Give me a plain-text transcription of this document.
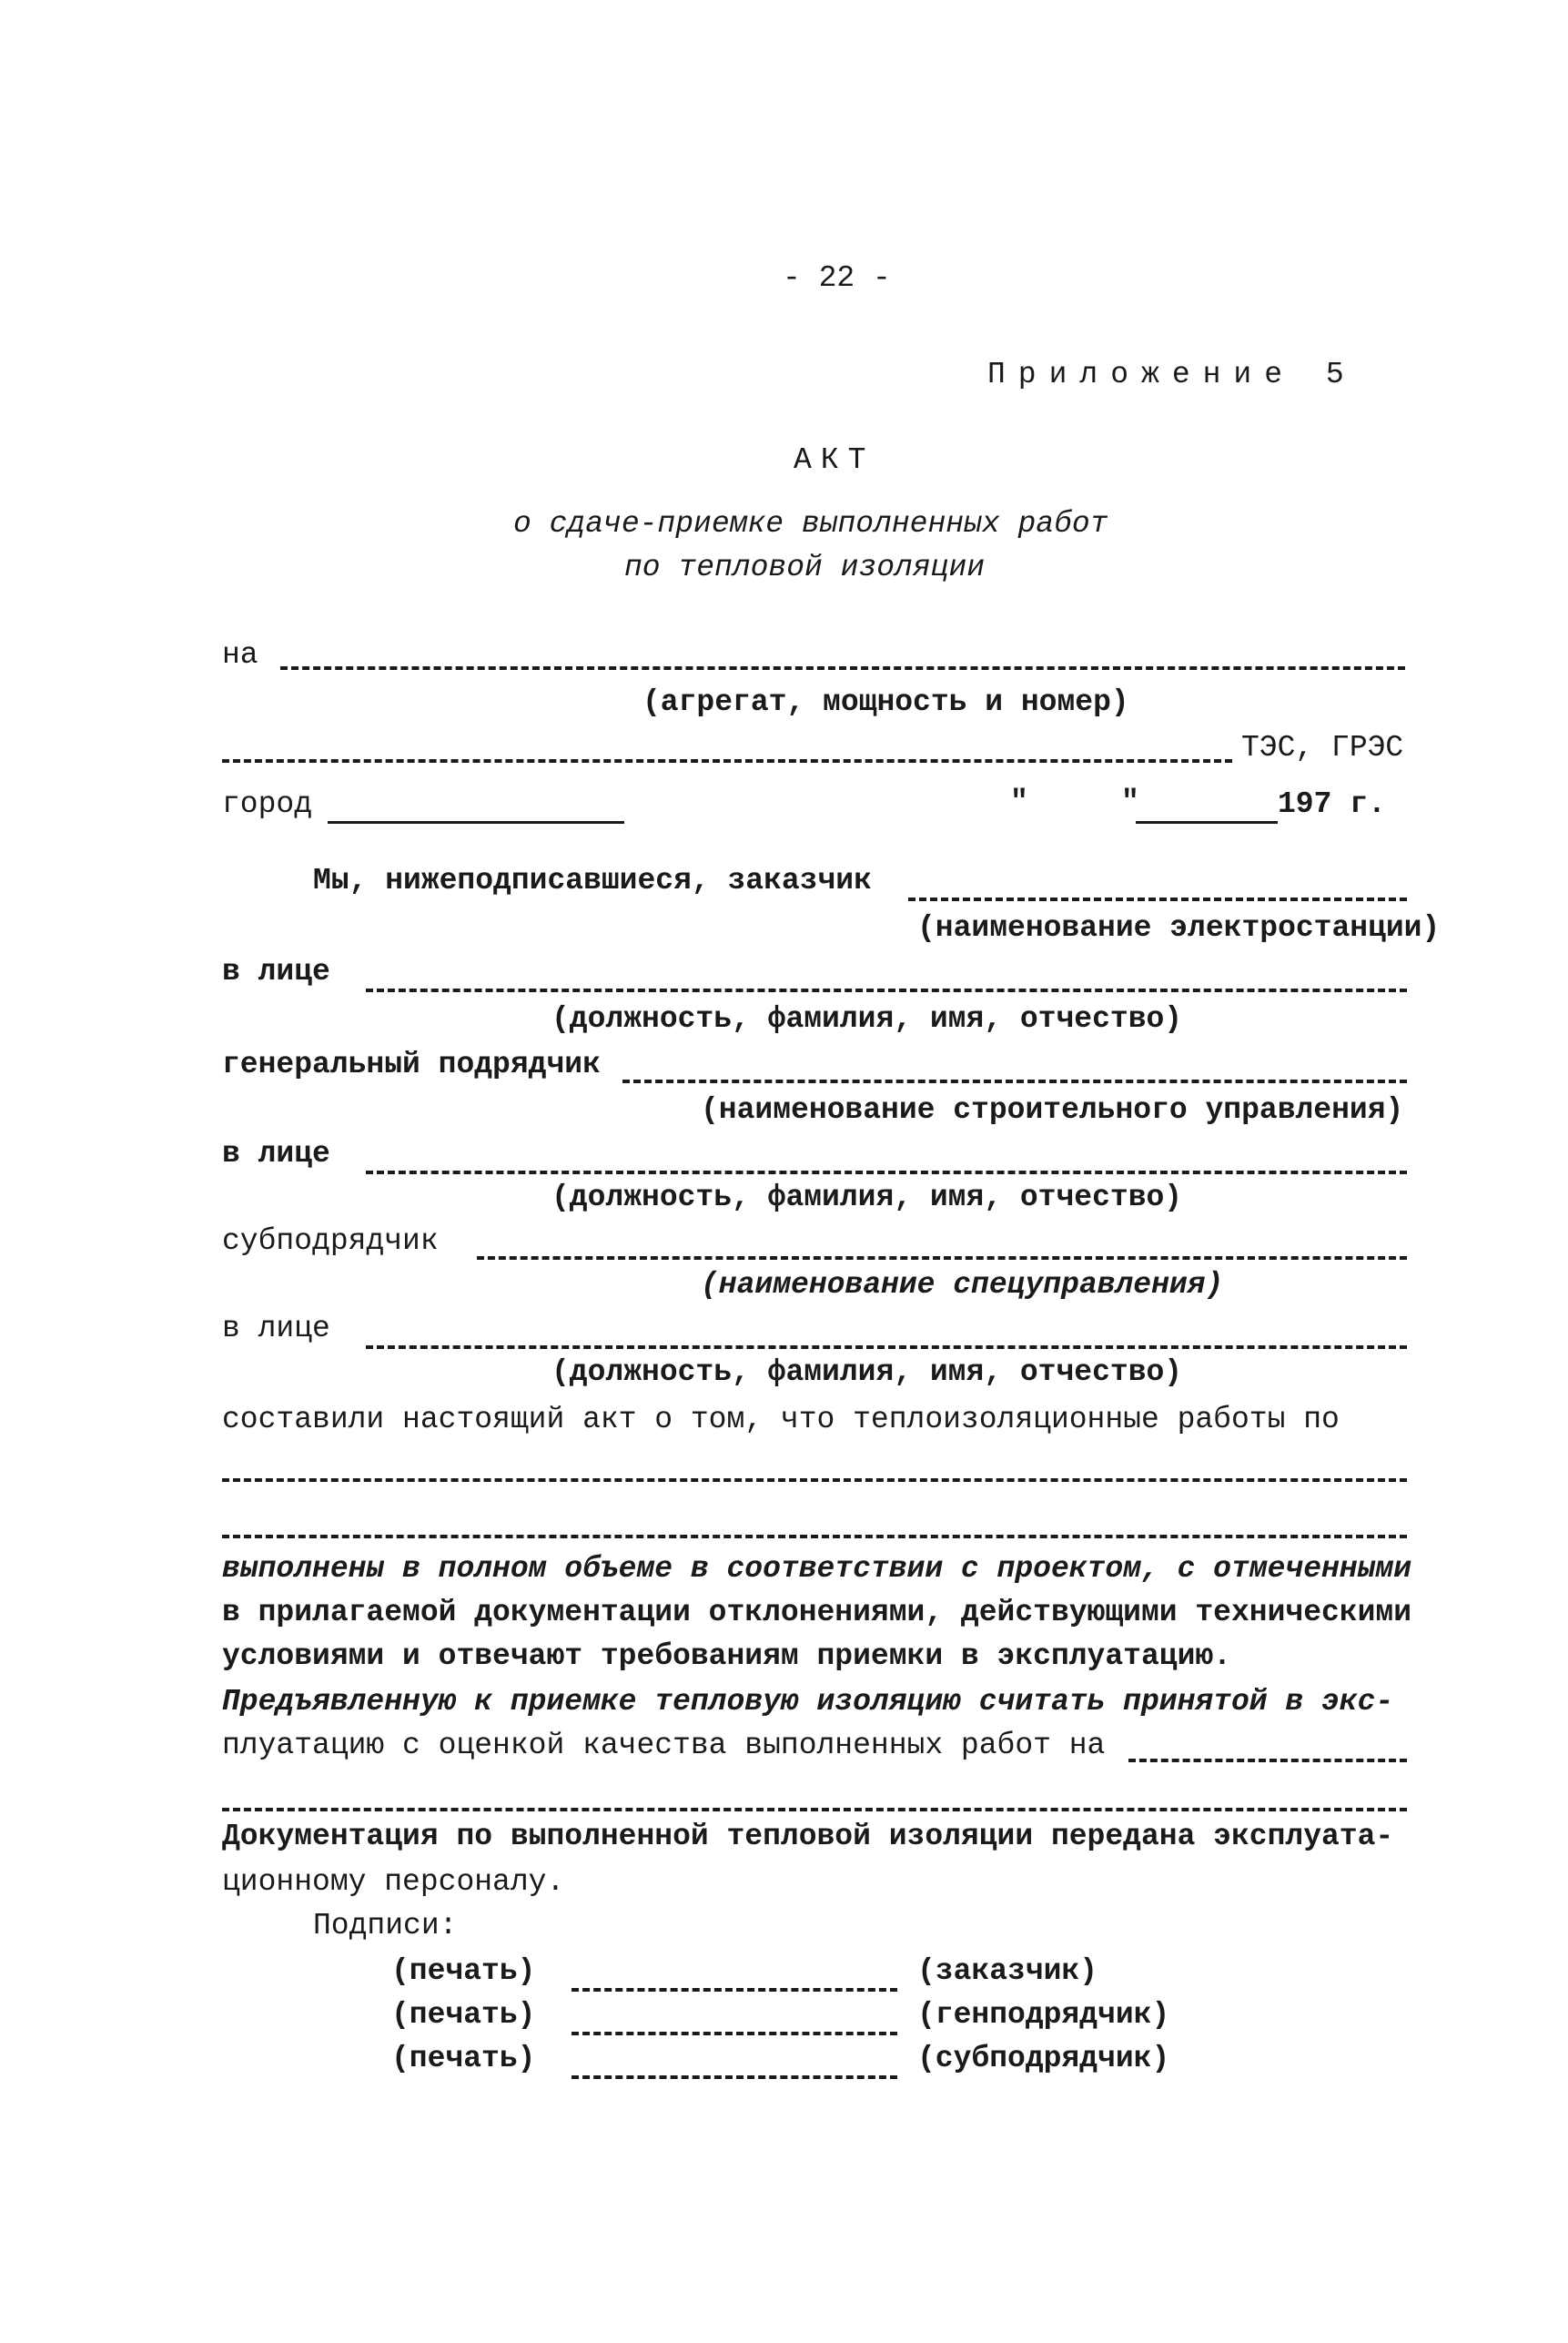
- 22 -
Приложение 5
АКТ
о сдаче-приемке выполненных работ
по тепловой изоляции
на
(агрегат, мощность и номер)
ТЭС, ГРЭС
город	"	"	197 г.
Мы, нижеподписавшиеся, заказчик
(наименование электростанции)
в лице
(должность, фамилия, имя, отчество)
генеральный подрядчик
(наименование строительного управления)
в лице
(должность, фамилия, имя, отчество)
субподрядчик
(наименование спецуправления)
в лице
(должность, фамилия, имя, отчество)
составили настоящий акт о том, что теплоизоляционные работы по
выполнены в полном объеме в соответствии с проектом, с отмеченными
в прилагаемой документации отклонениями, действующими техническими
условиями и отвечают требованиям приемки в эксплуатацию.
Предъявленную к приемке тепловую изоляцию считать принятой в экс-
плуатацию с оценкой качества выполненных работ на
Документация по выполненной тепловой изоляции передана эксплуата-
ционному персоналу.
Подписи:
(печать)	(заказчик)
(печать)	(генподрядчик)
(печать)	(субподрядчик)
